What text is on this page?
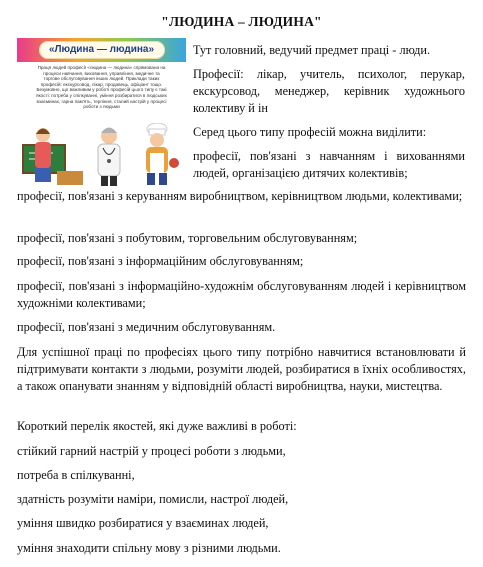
"ЛЮДИНА – ЛЮДИНА"
«Людина — людина»
Праця людей професії «людина — людина» спрямована на
процеси навчання, виховання, управління, медичне та
торгове обслуговування інших людей. Приклади таких
професій: екскурсовод, лікар, продавець, офіціант тощо.
Безумовно, що важливим у роботі професій цього типу є такі
якості: потреба у спілкуванні, уміння розбиратися в людських
взаєминах, гарна пам'ять, терпіння, сталий настрій у процесі
роботи з людьми

Тут головний, ведучий предмет праці - люди.

Професії: лікар, учитель, психолог, перукар, екскурсовод, менеджер, керівник художнього колективу й ін

Серед цього типу професій можна виділити:

професії, пов'язані з навчанням і вихованнями людей, організацією дитячих колективів;

професії, пов'язані з керуванням виробництвом, керівництвом людьми, колективами;

професії, пов'язані з побутовим, торговельним обслуговуванням;

професії, пов'язані з інформаційним обслуговуванням;

професії, пов'язані з інформаційно-художнім обслуговуванням людей і керівництвом художніми колективами;

професії, пов'язані з медичним обслуговуванням.

Для успішної праці по професіях цього типу потрібно навчитися встановлювати й підтримувати контакти з людьми, розуміти людей, розбиратися в їхніх особливостях, а також опанувати знанням у відповідній області виробництва, науки, мистецтва.

Короткий перелік якостей, які дуже важливі в роботі:

стійкий гарний настрій у процесі роботи з людьми,

потреба в спілкуванні,

здатність розуміти наміри, помисли, настрої людей,

уміння швидко розбиратися у взаєминах людей,

уміння знаходити спільну мову з різними людьми.
